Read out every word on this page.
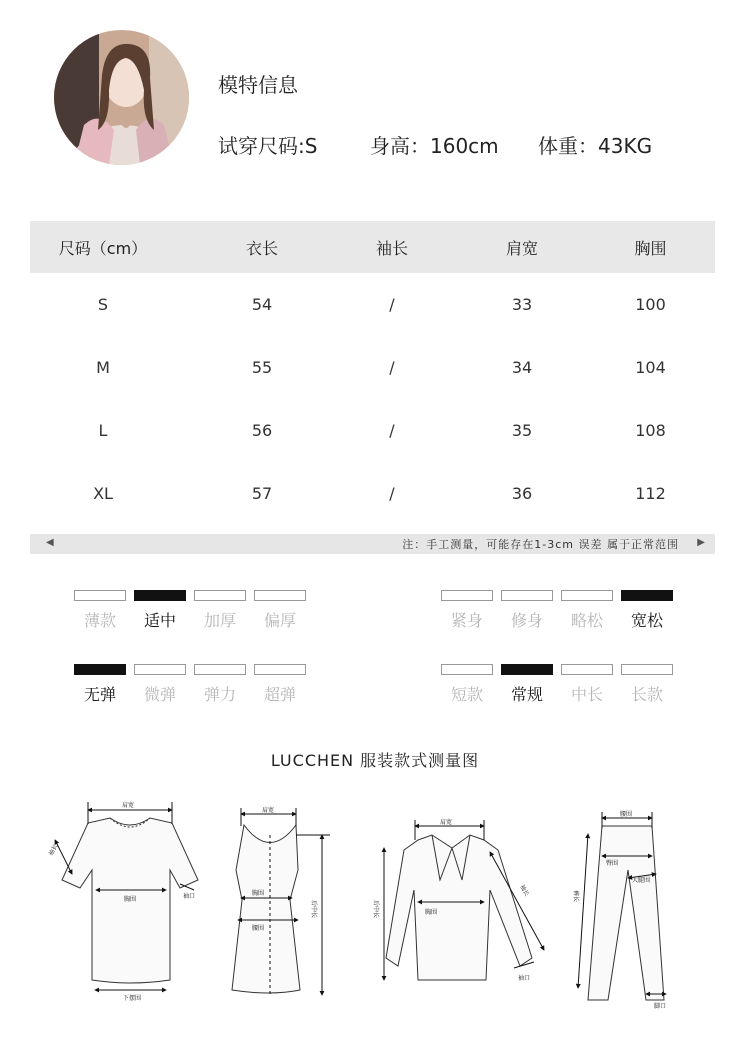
模特信息
试穿尺码:S	身高：160cm 体重：43KG
尺码（cm）	衣长	袖长	肩宽	胸围
S	54	/	33	100
M	55	/	34	104
L	56	/	35	108
XL	57	/	36	112
◀	注：手工测量，可能存在1-3cm 误差 属于正常范围 ▶
薄款	适中	加厚	偏厚	紧身	修身	略松	宽松
无弹	微弹	弹力	超弹	短款	常规	中长	长款
LUCCHEN 服装款式测量图
肩宽
袖长
胸围	袖口
下摆围
肩宽
胸围
腰围
后中长
肩宽
胸围
后中长
袖长
袖口
腰围
臀围
大腿围
裤长
脚口
